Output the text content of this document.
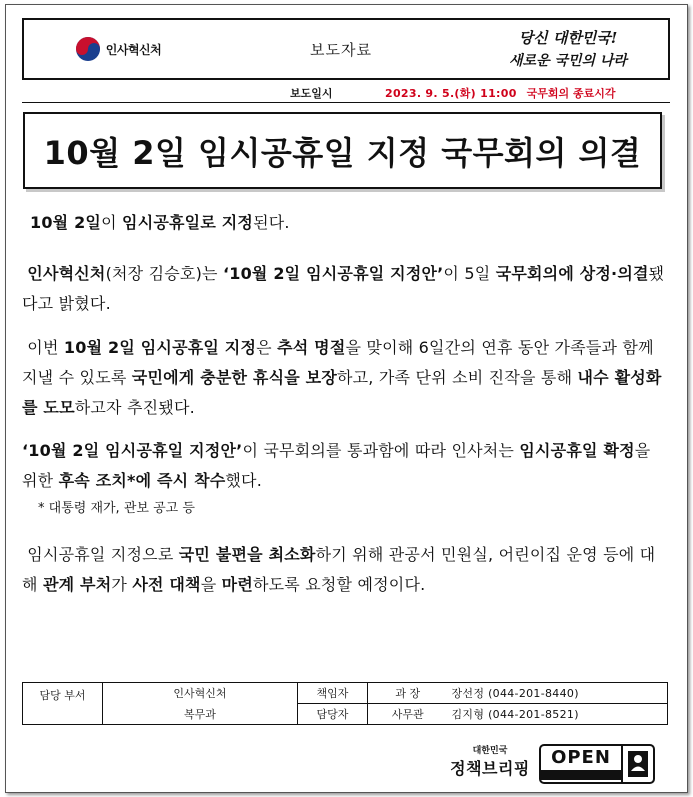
인사혁신처	보도자료
당신 대한민국!
새로운 국민의 나라
보도일시	2023. 9. 5.(화) 11:00 국무회의 종료시각
10월 2일 임시공휴일 지정 국무회의 의결

10월 2일이 임시공휴일로 지정된다.

인사혁신처(처장 김승호)는 ‘10월 2일 임시공휴일 지정안’이 5일 국무회의에 상정·의결됐다고 밝혔다.

이번 10월 2일 임시공휴일 지정은 추석 명절을 맞이해 6일간의 연휴 동안 가족들과 함께 지낼 수 있도록 국민에게 충분한 휴식을 보장하고, 가족 단위 소비 진작을 통해 내수 활성화를 도모하고자 추진됐다.

‘10월 2일 임시공휴일 지정안’이 국무회의를 통과함에 따라 인사처는 임시공휴일 확정을 위한 후속 조치*에 즉시 착수했다.

* 대통령 재가, 관보 공고 등

임시공휴일 지정으로 국민 불편을 최소화하기 위해 관공서 민원실, 어린이집 운영 등에 대해 관계 부처가 사전 대책을 마련하도록 요청할 예정이다.

담당 부서	인사혁신처	책임자	과 장	장선정 (044-201-8440)
	복무과	담당자	사무관	김지형 (044-201-8521)
대한민국
정책브리핑
OPEN
